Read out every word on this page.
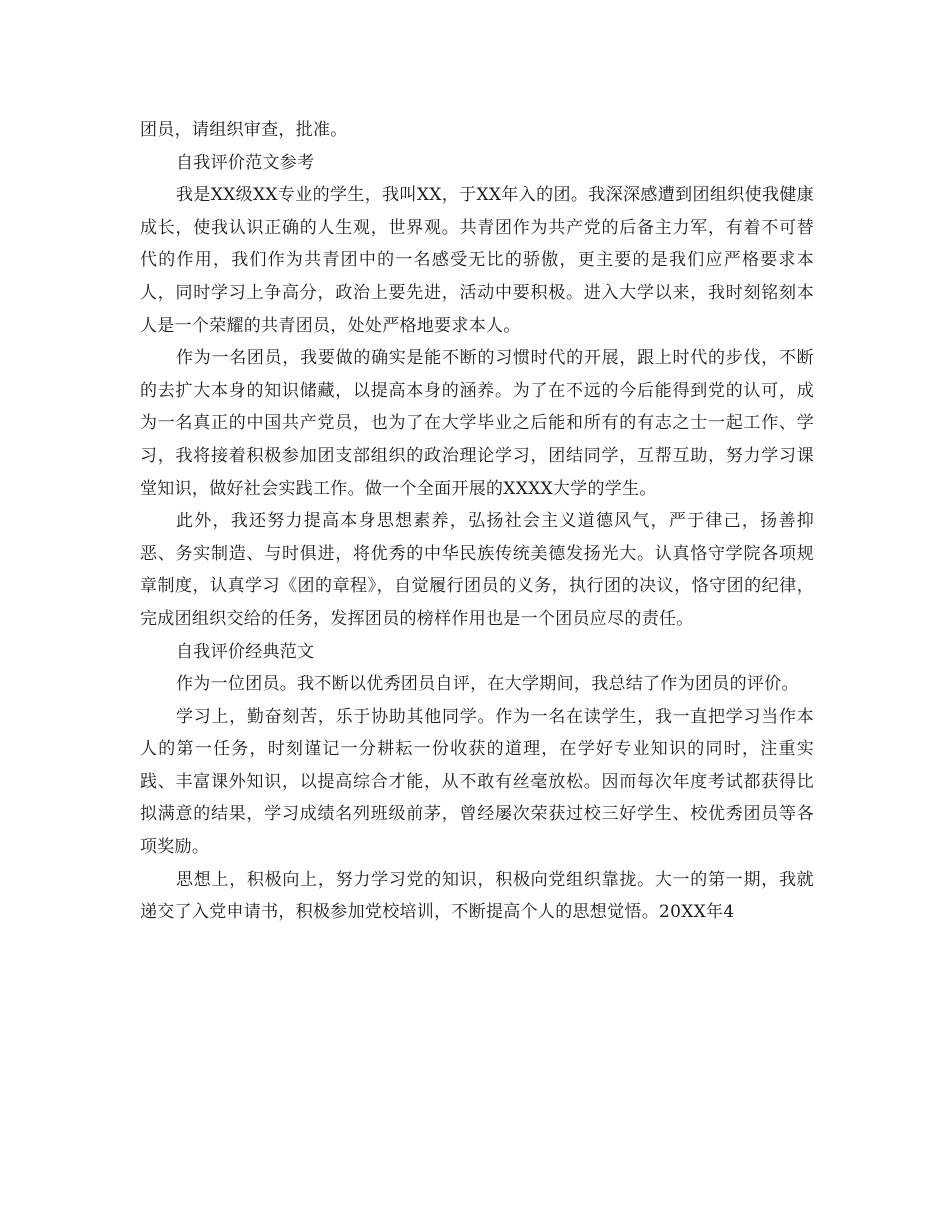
团员，请组织审查，批准。

自我评价范文参考

我是XX级XX专业的学生，我叫XX，于XX年入的团。我深深感遭到团组织使我健康成长，使我认识正确的人生观，世界观。共青团作为共产党的后备主力军，有着不可替代的作用，我们作为共青团中的一名感受无比的骄傲，更主要的是我们应严格要求本人，同时学习上争高分，政治上要先进，活动中要积极。进入大学以来，我时刻铭刻本人是一个荣耀的共青团员，处处严格地要求本人。

作为一名团员，我要做的确实是能不断的习惯时代的开展，跟上时代的步伐，不断的去扩大本身的知识储藏，以提高本身的涵养。为了在不远的今后能得到党的认可，成为一名真正的中国共产党员，也为了在大学毕业之后能和所有的有志之士一起工作、学习，我将接着积极参加团支部组织的政治理论学习，团结同学，互帮互助，努力学习课堂知识，做好社会实践工作。做一个全面开展的XXXX大学的学生。

此外，我还努力提高本身思想素养，弘扬社会主义道德风气，严于律己，扬善抑恶、务实制造、与时俱进，将优秀的中华民族传统美德发扬光大。认真恪守学院各项规章制度，认真学习《团的章程》，自觉履行团员的义务，执行团的决议，恪守团的纪律，完成团组织交给的任务，发挥团员的榜样作用也是一个团员应尽的责任。

自我评价经典范文

作为一位团员。我不断以优秀团员自评，在大学期间，我总结了作为团员的评价。

学习上，勤奋刻苦，乐于协助其他同学。作为一名在读学生，我一直把学习当作本人的第一任务，时刻谨记一分耕耘一份收获的道理，在学好专业知识的同时，注重实践、丰富课外知识，以提高综合才能，从不敢有丝毫放松。因而每次年度考试都获得比拟满意的结果，学习成绩名列班级前茅，曾经屡次荣获过校三好学生、校优秀团员等各项奖励。

思想上，积极向上，努力学习党的知识，积极向党组织靠拢。大一的第一期，我就递交了入党申请书，积极参加党校培训，不断提高个人的思想觉悟。20XX年4
